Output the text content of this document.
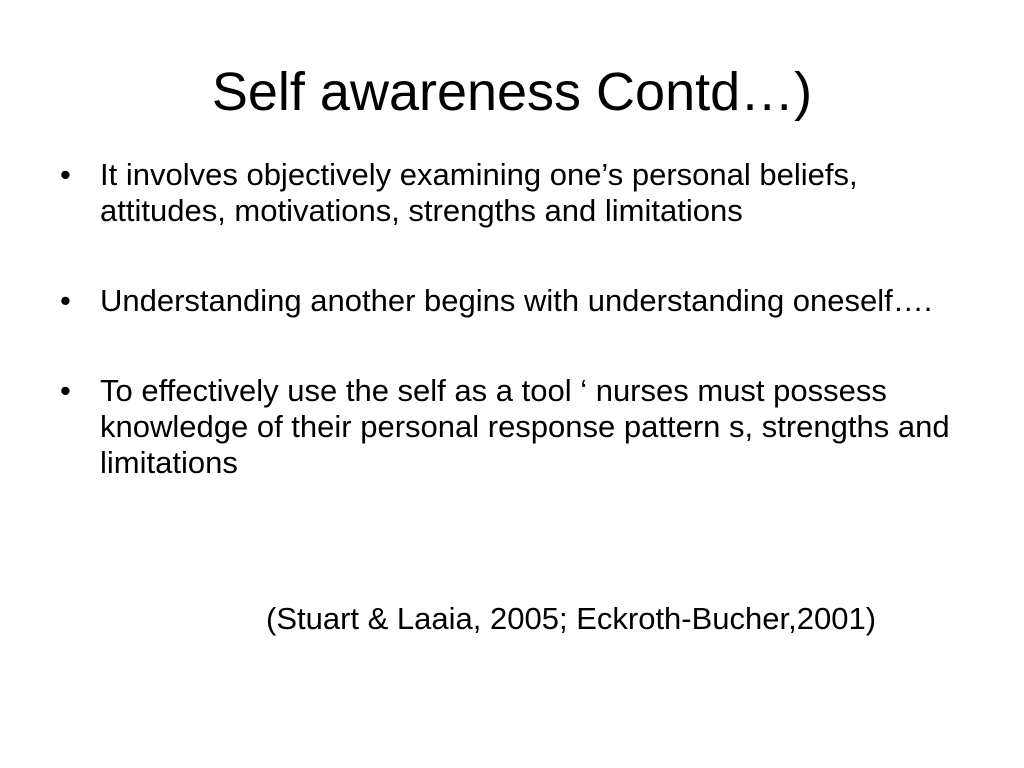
Self awareness Contd…)
• It involves objectively examining one’s personal beliefs, attitudes, motivations, strengths and limitations
• Understanding another begins with understanding oneself….
• To effectively use the self as a tool ‘ nurses must possess knowledge of their personal response pattern s, strengths and limitations
(Stuart & Laaia, 2005; Eckroth-Bucher,2001)
